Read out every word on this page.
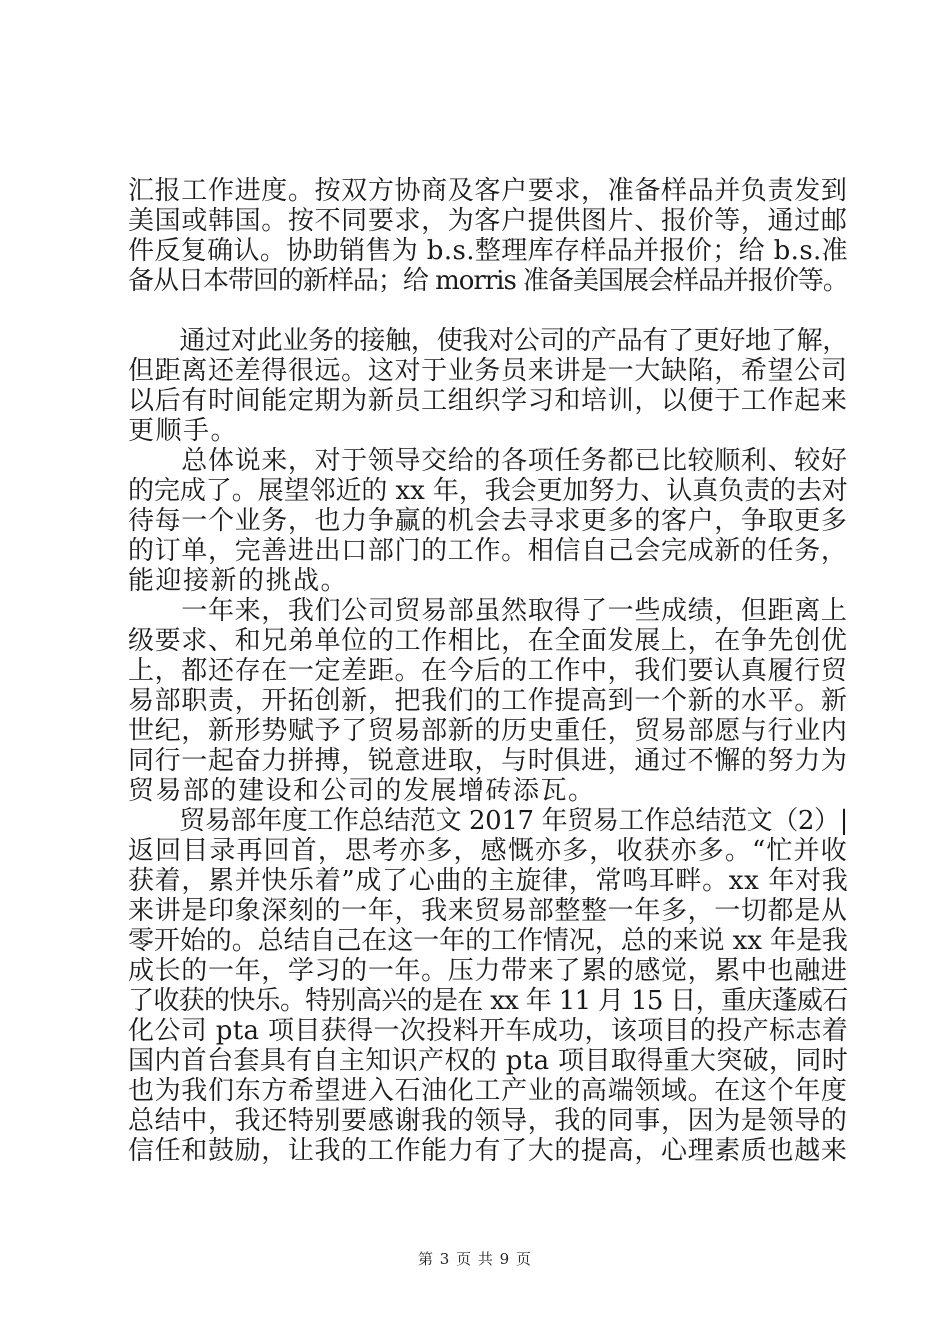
汇报工作进度。按双方协商及客户要求，准备样品并负责发到
美国或韩国。按不同要求，为客户提供图片、报价等，通过邮
件反复确认。协助销售为 b.s.整理库存样品并报价；给 b.s.准
备从日本带回的新样品；给 morris 准备美国展会样品并报价等。
　　通过对此业务的接触，使我对公司的产品有了更好地了解，
但距离还差得很远。这对于业务员来讲是一大缺陷，希望公司
以后有时间能定期为新员工组织学习和培训，以便于工作起来
更顺手。
　　总体说来，对于领导交给的各项任务都已比较顺利、较好
的完成了。展望邻近的 xx 年，我会更加努力、认真负责的去对
待每一个业务，也力争赢的机会去寻求更多的客户，争取更多
的订单，完善进出口部门的工作。相信自己会完成新的任务，
能迎接新的挑战。
　　一年来，我们公司贸易部虽然取得了一些成绩，但距离上
级要求、和兄弟单位的工作相比，在全面发展上，在争先创优
上，都还存在一定差距。在今后的工作中，我们要认真履行贸
易部职责，开拓创新，把我们的工作提高到一个新的水平。新
世纪，新形势赋予了贸易部新的历史重任，贸易部愿与行业内
同行一起奋力拼搏，锐意进取，与时俱进，通过不懈的努力为
贸易部的建设和公司的发展增砖添瓦。
　　贸易部年度工作总结范文 2017 年贸易工作总结范文（2）|
返回目录再回首，思考亦多，感慨亦多，收获亦多。“忙并收
获着，累并快乐着”成了心曲的主旋律，常鸣耳畔。xx 年对我
来讲是印象深刻的一年，我来贸易部整整一年多，一切都是从
零开始的。总结自己在这一年的工作情况，总的来说 xx 年是我
成长的一年，学习的一年。压力带来了累的感觉，累中也融进
了收获的快乐。特别高兴的是在 xx 年 11 月 15 日，重庆蓬威石
化公司 pta 项目获得一次投料开车成功，该项目的投产标志着
国内首台套具有自主知识产权的 pta 项目取得重大突破，同时
也为我们东方希望进入石油化工产业的高端领域。在这个年度
总结中，我还特别要感谢我的领导，我的同事，因为是领导的
信任和鼓励，让我的工作能力有了大的提高，心理素质也越来
第 3 页 共 9 页
